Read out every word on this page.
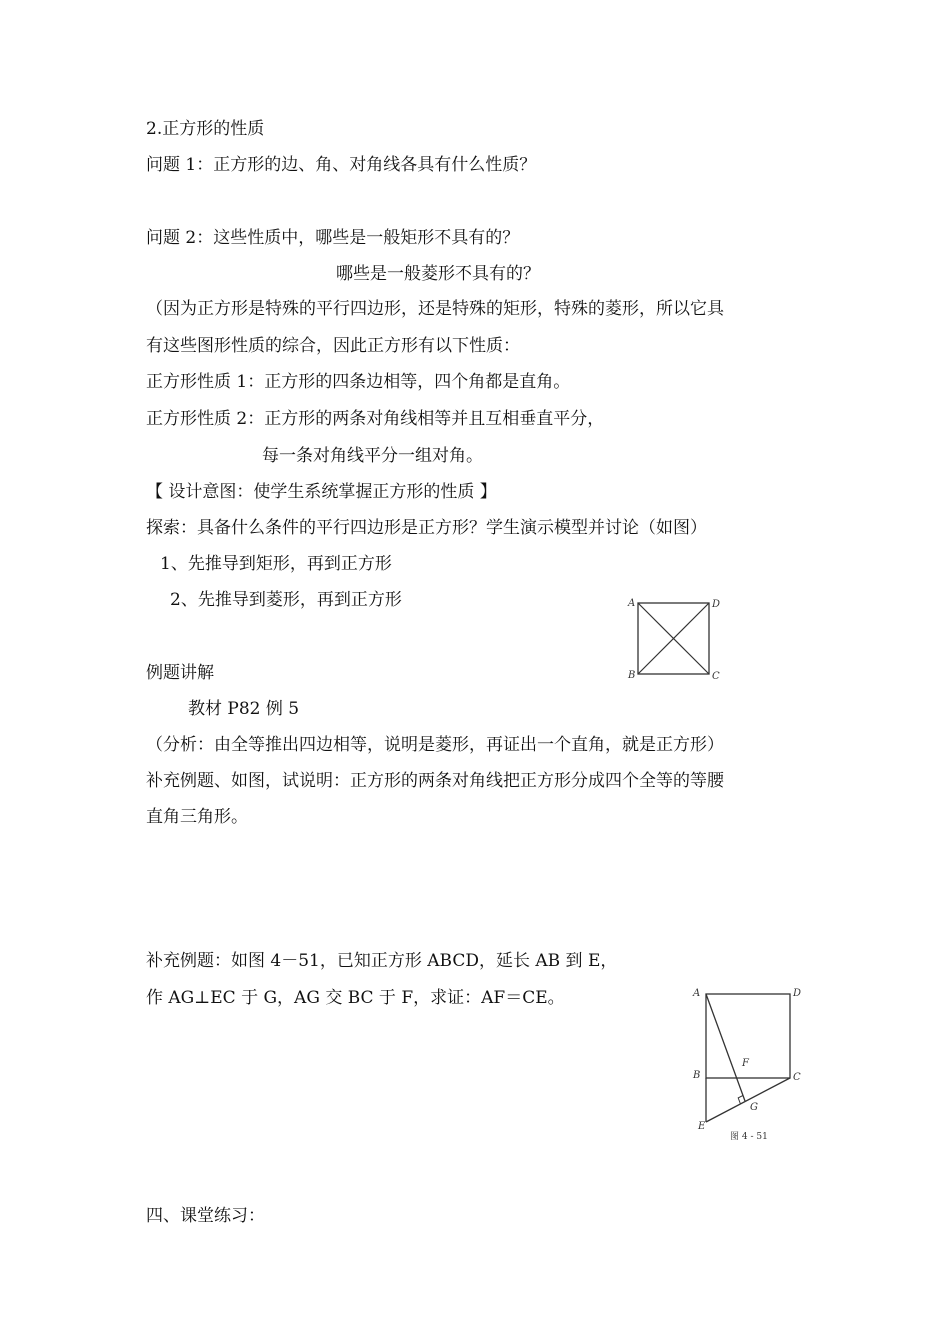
2.正方形的性质
问题 1：正方形的边、角、对角线各具有什么性质？
问题 2：这些性质中，哪些是一般矩形不具有的？
哪些是一般菱形不具有的？
（因为正方形是特殊的平行四边形，还是特殊的矩形，特殊的菱形，所以它具
有这些图形性质的综合，因此正方形有以下性质：
正方形性质 1：正方形的四条边相等，四个角都是直角。
正方形性质 2：正方形的两条对角线相等并且互相垂直平分，
每一条对角线平分一组对角。
【 设计意图：使学生系统掌握正方形的性质 】
探索：具备什么条件的平行四边形是正方形？学生演示模型并讨论（如图）
1、先推导到矩形，再到正方形
2、先推导到菱形，再到正方形	A	D
B	C
例题讲解
教材 P82 例 5
（分析：由全等推出四边相等，说明是菱形，再证出一个直角，就是正方形）
补充例题、如图，试说明：正方形的两条对角线把正方形分成四个全等的等腰
直角三角形。
补充例题：如图 4－51，已知正方形 ABCD，延长 AB 到 E，
作 AG⊥EC 于 G，AG 交 BC 于 F，求证：AF＝CE。	A	D
F
B	C
G
E
图 4 - 51
四、课堂练习：
